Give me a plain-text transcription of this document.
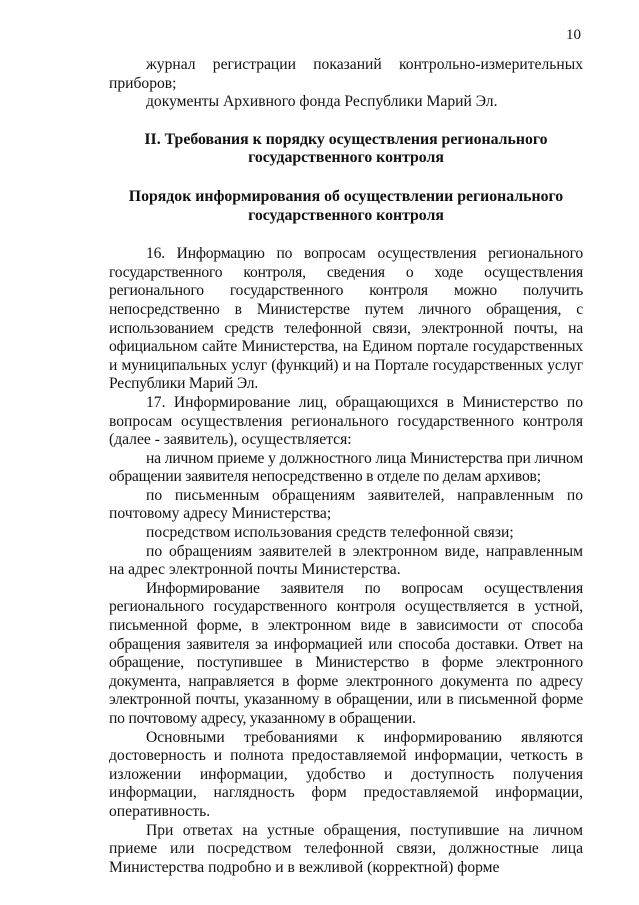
10

журнал регистрации показаний контрольно-измерительных приборов;

документы Архивного фонда Республики Марий Эл.

II. Требования к порядку осуществления регионального государственного контроля
Порядок информирования об осуществлении регионального государственного контроля

16. Информацию по вопросам осуществления регионального государственного контроля, сведения о ходе осуществления регионального государственного контроля можно получить непосредственно в Министерстве путем личного обращения, с использованием средств телефонной связи, электронной почты, на официальном сайте Министерства, на Едином портале государственных и муниципальных услуг (функций) и на Портале государственных услуг Республики Марий Эл.

17. Информирование лиц, обращающихся в Министерство по вопросам осуществления регионального государственного контроля (далее - заявитель), осуществляется:

на личном приеме у должностного лица Министерства при личном обращении заявителя непосредственно в отделе по делам архивов;

по письменным обращениям заявителей, направленным по почтовому адресу Министерства;

посредством использования средств телефонной связи;

по обращениям заявителей в электронном виде, направленным на адрес электронной почты Министерства.

Информирование заявителя по вопросам осуществления регионального государственного контроля осуществляется в устной, письменной форме, в электронном виде в зависимости от способа обращения заявителя за информацией или способа доставки. Ответ на обращение, поступившее в Министерство в форме электронного документа, направляется в форме электронного документа по адресу электронной почты, указанному в обращении, или в письменной форме по почтовому адресу, указанному в обращении.

Основными требованиями к информированию являются достоверность и полнота предоставляемой информации, четкость в изложении информации, удобство и доступность получения информации, наглядность форм предоставляемой информации, оперативность.

При ответах на устные обращения, поступившие на личном приеме или посредством телефонной связи, должностные лица Министерства подробно и в вежливой (корректной) форме
